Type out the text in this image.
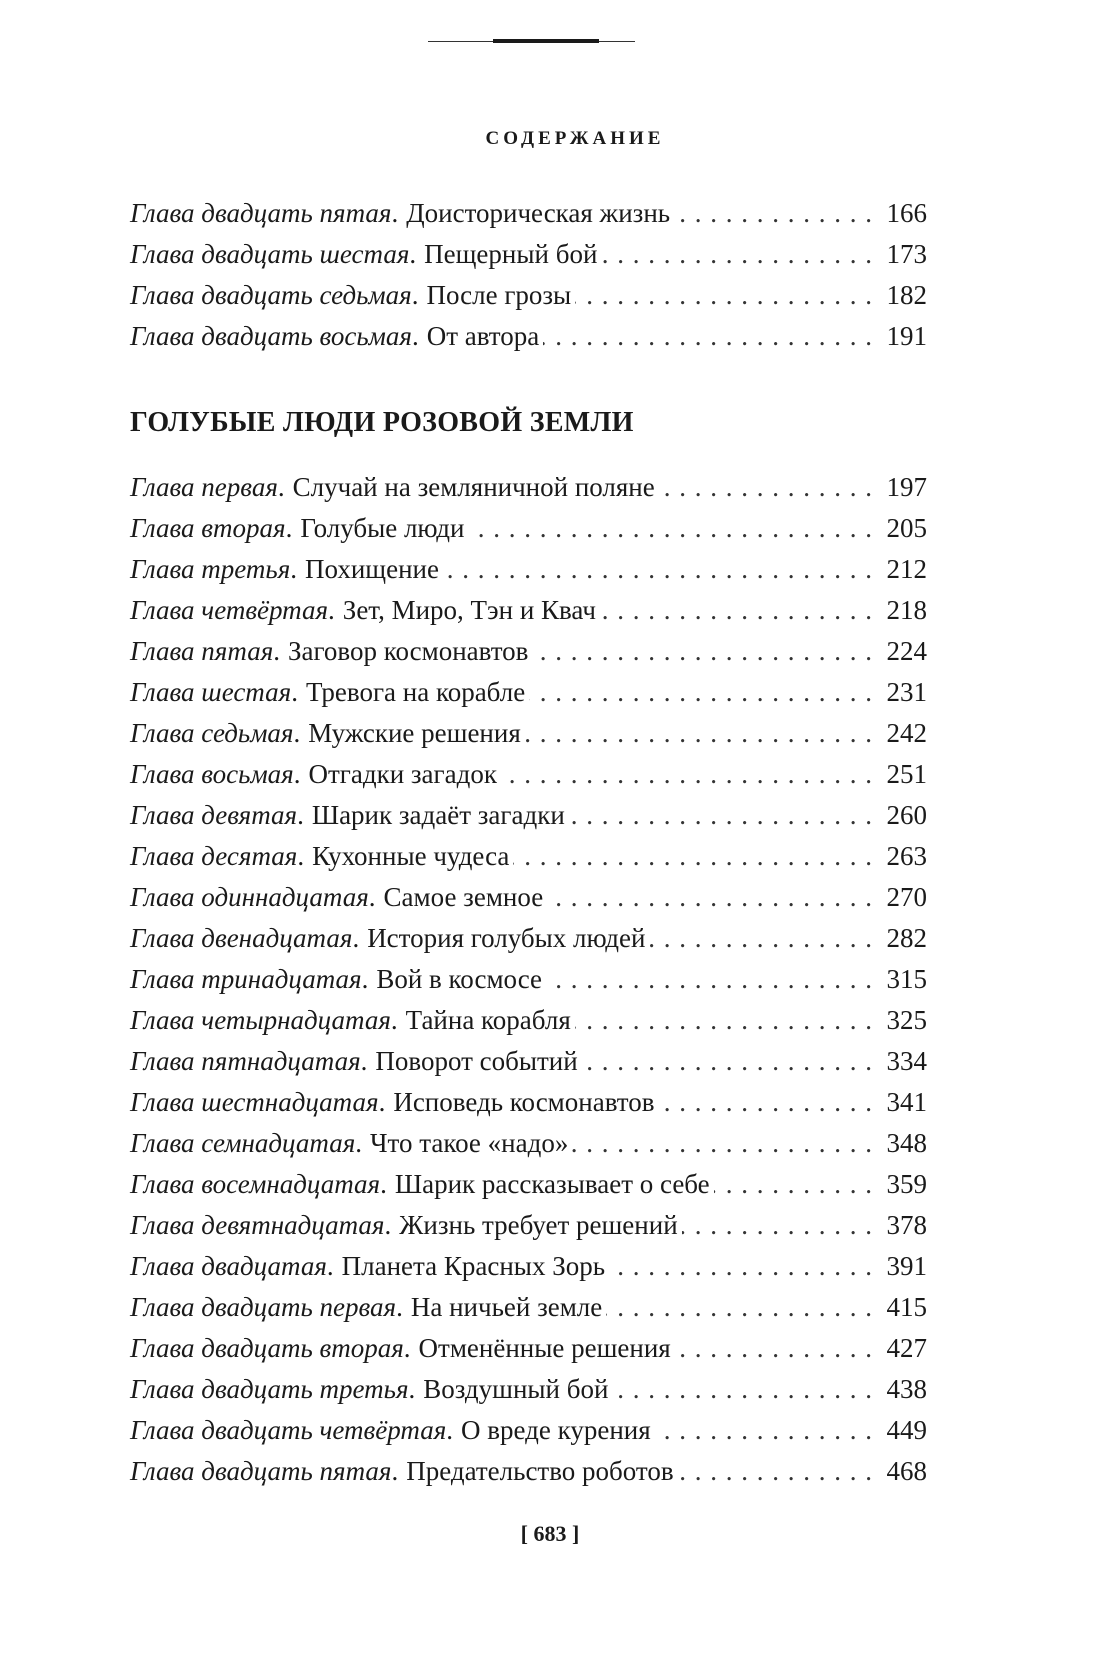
СОДЕРЖАНИЕ
Глава двадцать пятая . Доисторическая жизнь . . .	166
Глава двадцать шестая . Пещерный бой . . .	173
Глава двадцать седьмая . После грозы . . .	182
Глава двадцать восьмая . От автора . . .	191
ГОЛУБЫЕ ЛЮДИ РОЗОВОЙ ЗЕМЛИ
Глава первая . Случай на земляничной поляне . . .	197
Глава вторая . Голубые люди . . .	205
Глава третья . Похищение . . .	212
Глава четвёртая . Зет, Миро, Тэн и Квач . . .	218
Глава пятая . Заговор космонавтов . . .	224
Глава шестая . Тревога на корабле . . .	231
Глава седьмая . Мужские решения . . .	242
Глава восьмая . Отгадки загадок . . .	251
Глава девятая . Шарик задаёт загадки . . .	260
Глава десятая . Кухонные чудеса . . .	263
Глава одиннадцатая . Самое земное . . .	270
Глава двенадцатая . История голубых людей . . .	282
Глава тринадцатая . Вой в космосе . . .	315
Глава четырнадцатая . Тайна корабля . . .	325
Глава пятнадцатая . Поворот событий . . .	334
Глава шестнадцатая . Исповедь космонавтов . . .	341
Глава семнадцатая . Что такое «надо» . . .	348
Глава восемнадцатая . Шарик рассказывает о себе . . .	359
Глава девятнадцатая . Жизнь требует решений . . .	378
Глава двадцатая . Планета Красных Зорь . . .	391
Глава двадцать первая . На ничьей земле . . .	415
Глава двадцать вторая . Отменённые решения . . .	427
Глава двадцать третья . Воздушный бой . . .	438
Глава двадцать четвёртая . О вреде курения . . .	449
Глава двадцать пятая . Предательство роботов . . .	468
[ 683 ]
